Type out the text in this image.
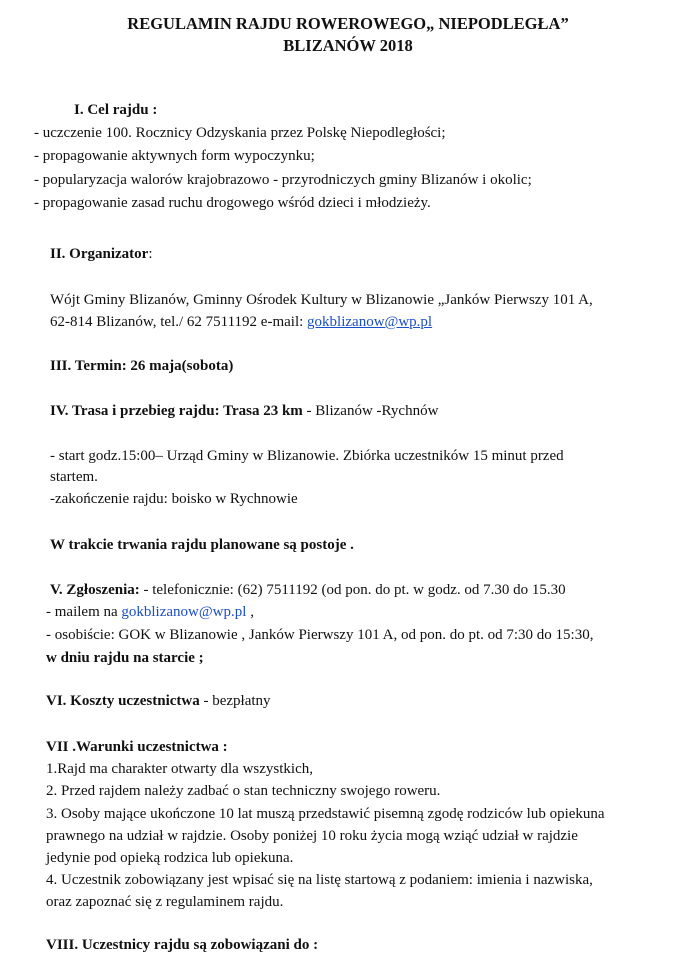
REGULAMIN RAJDU ROWEROWEGO„ NIEPODLEGŁA”
BLIZANÓW 2018
I. Cel rajdu :
- uczczenie 100. Rocznicy Odzyskania przez Polskę Niepodległości;
- propagowanie aktywnych form wypoczynku;
- popularyzacja walorów krajobrazowo - przyrodniczych gminy Blizanów i okolic;
- propagowanie zasad ruchu drogowego wśród dzieci i młodzieży.
II. Organizator:
Wójt Gminy Blizanów, Gminny Ośrodek Kultury w Blizanowie „Janków Pierwszy 101 A,
62-814 Blizanów, tel./ 62 7511192 e-mail: gokblizanow@wp.pl
III. Termin: 26 maja(sobota)
IV. Trasa i przebieg rajdu: Trasa 23 km - Blizanów -Rychnów
- start godz.15:00– Urząd Gminy w Blizanowie. Zbiórka uczestników 15 minut przed
startem.
-zakończenie rajdu: boisko w Rychnowie
W trakcie trwania rajdu planowane są postoje .
V. Zgłoszenia: - telefonicznie: (62) 7511192 (od pon. do pt. w godz. od 7.30 do 15.30
- mailem na gokblizanow@wp.pl ,
- osobiście: GOK w Blizanowie , Janków Pierwszy 101 A, od pon. do pt. od 7:30 do 15:30,
w dniu rajdu na starcie ;
VI. Koszty uczestnictwa - bezpłatny
VII .Warunki uczestnictwa :
1.Rajd ma charakter otwarty dla wszystkich,
2. Przed rajdem należy zadbać o stan techniczny swojego roweru.
3. Osoby mające ukończone 10 lat muszą przedstawić pisemną zgodę rodziców lub opiekuna
prawnego na udział w rajdzie. Osoby poniżej 10 roku życia mogą wziąć udział w rajdzie
jedynie pod opieką rodzica lub opiekuna.
4. Uczestnik zobowiązany jest wpisać się na listę startową z podaniem: imienia i nazwiska,
oraz zapoznać się z regulaminem rajdu.
VIII. Uczestnicy rajdu są zobowiązani do :
